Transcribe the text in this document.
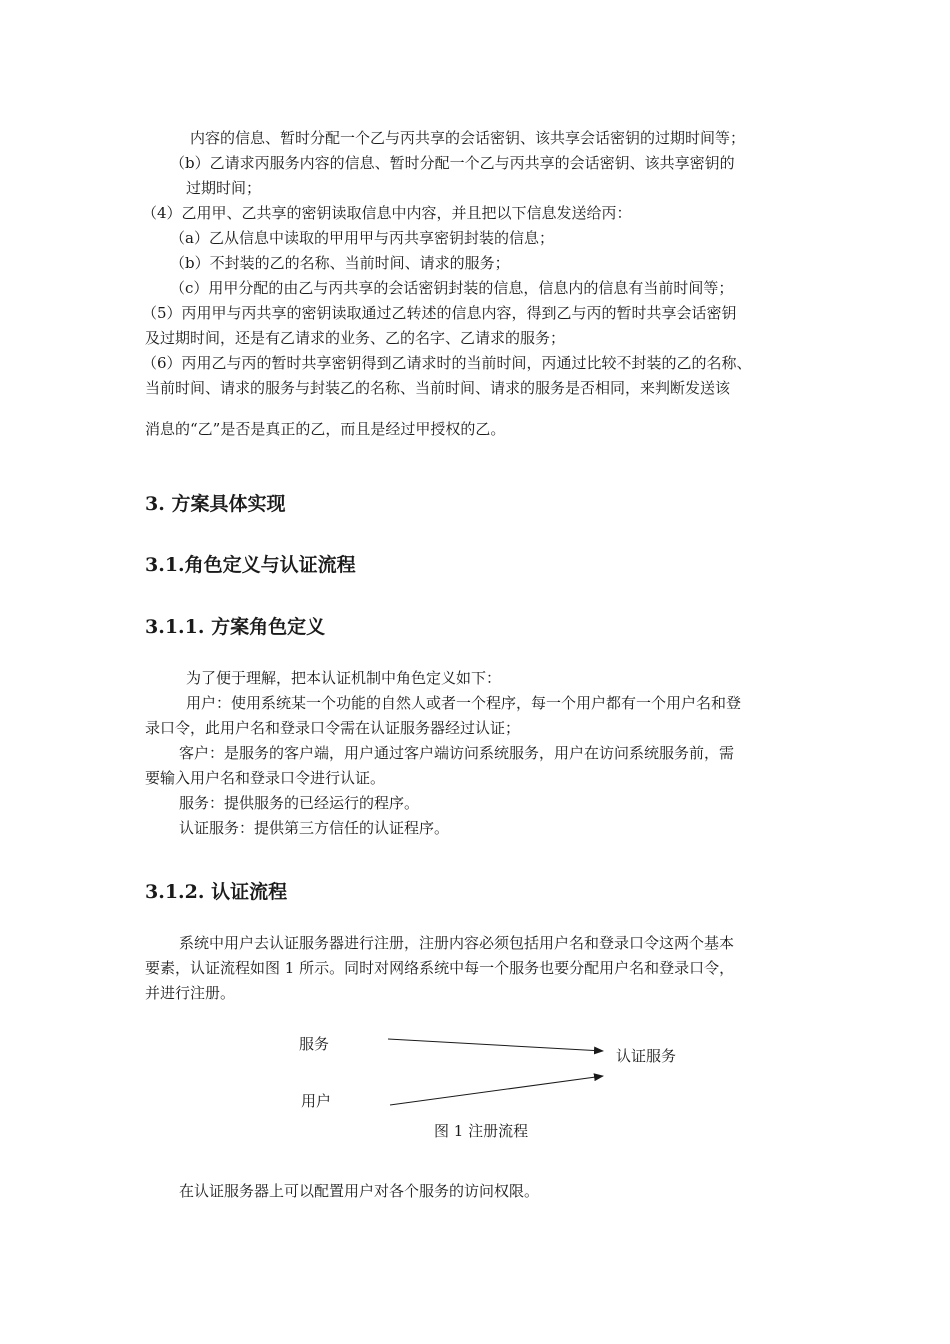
内容的信息、暂时分配一个乙与丙共享的会话密钥、该共享会话密钥的过期时间等；
（b）乙请求丙服务内容的信息、暂时分配一个乙与丙共享的会话密钥、该共享密钥的
过期时间；
（4）乙用甲、乙共享的密钥读取信息中内容，并且把以下信息发送给丙：
（a）乙从信息中读取的甲用甲与丙共享密钥封装的信息；
（b）不封装的乙的名称、当前时间、请求的服务；
（c）用甲分配的由乙与丙共享的会话密钥封装的信息，信息内的信息有当前时间等；
（5）丙用甲与丙共享的密钥读取通过乙转述的信息内容，得到乙与丙的暂时共享会话密钥
及过期时间，还是有乙请求的业务、乙的名字、乙请求的服务；
（6）丙用乙与丙的暂时共享密钥得到乙请求时的当前时间，丙通过比较不封装的乙的名称、
当前时间、请求的服务与封装乙的名称、当前时间、请求的服务是否相同，来判断发送该
消息的“乙”是否是真正的乙，而且是经过甲授权的乙。
3. 方案具体实现
3.1.角色定义与认证流程
3.1.1. 方案角色定义
为了便于理解，把本认证机制中角色定义如下：
用户：使用系统某一个功能的自然人或者一个程序，每一个用户都有一个用户名和登
录口令，此用户名和登录口令需在认证服务器经过认证；
客户：是服务的客户端，用户通过客户端访问系统服务，用户在访问系统服务前，需
要输入用户名和登录口令进行认证。
服务：提供服务的已经运行的程序。
认证服务：提供第三方信任的认证程序。
3.1.2. 认证流程
系统中用户去认证服务器进行注册，注册内容必须包括用户名和登录口令这两个基本
要素，认证流程如图 1 所示。同时对网络系统中每一个服务也要分配用户名和登录口令，
并进行注册。
服务
用户
认证服务
图 1 注册流程
在认证服务器上可以配置用户对各个服务的访问权限。
